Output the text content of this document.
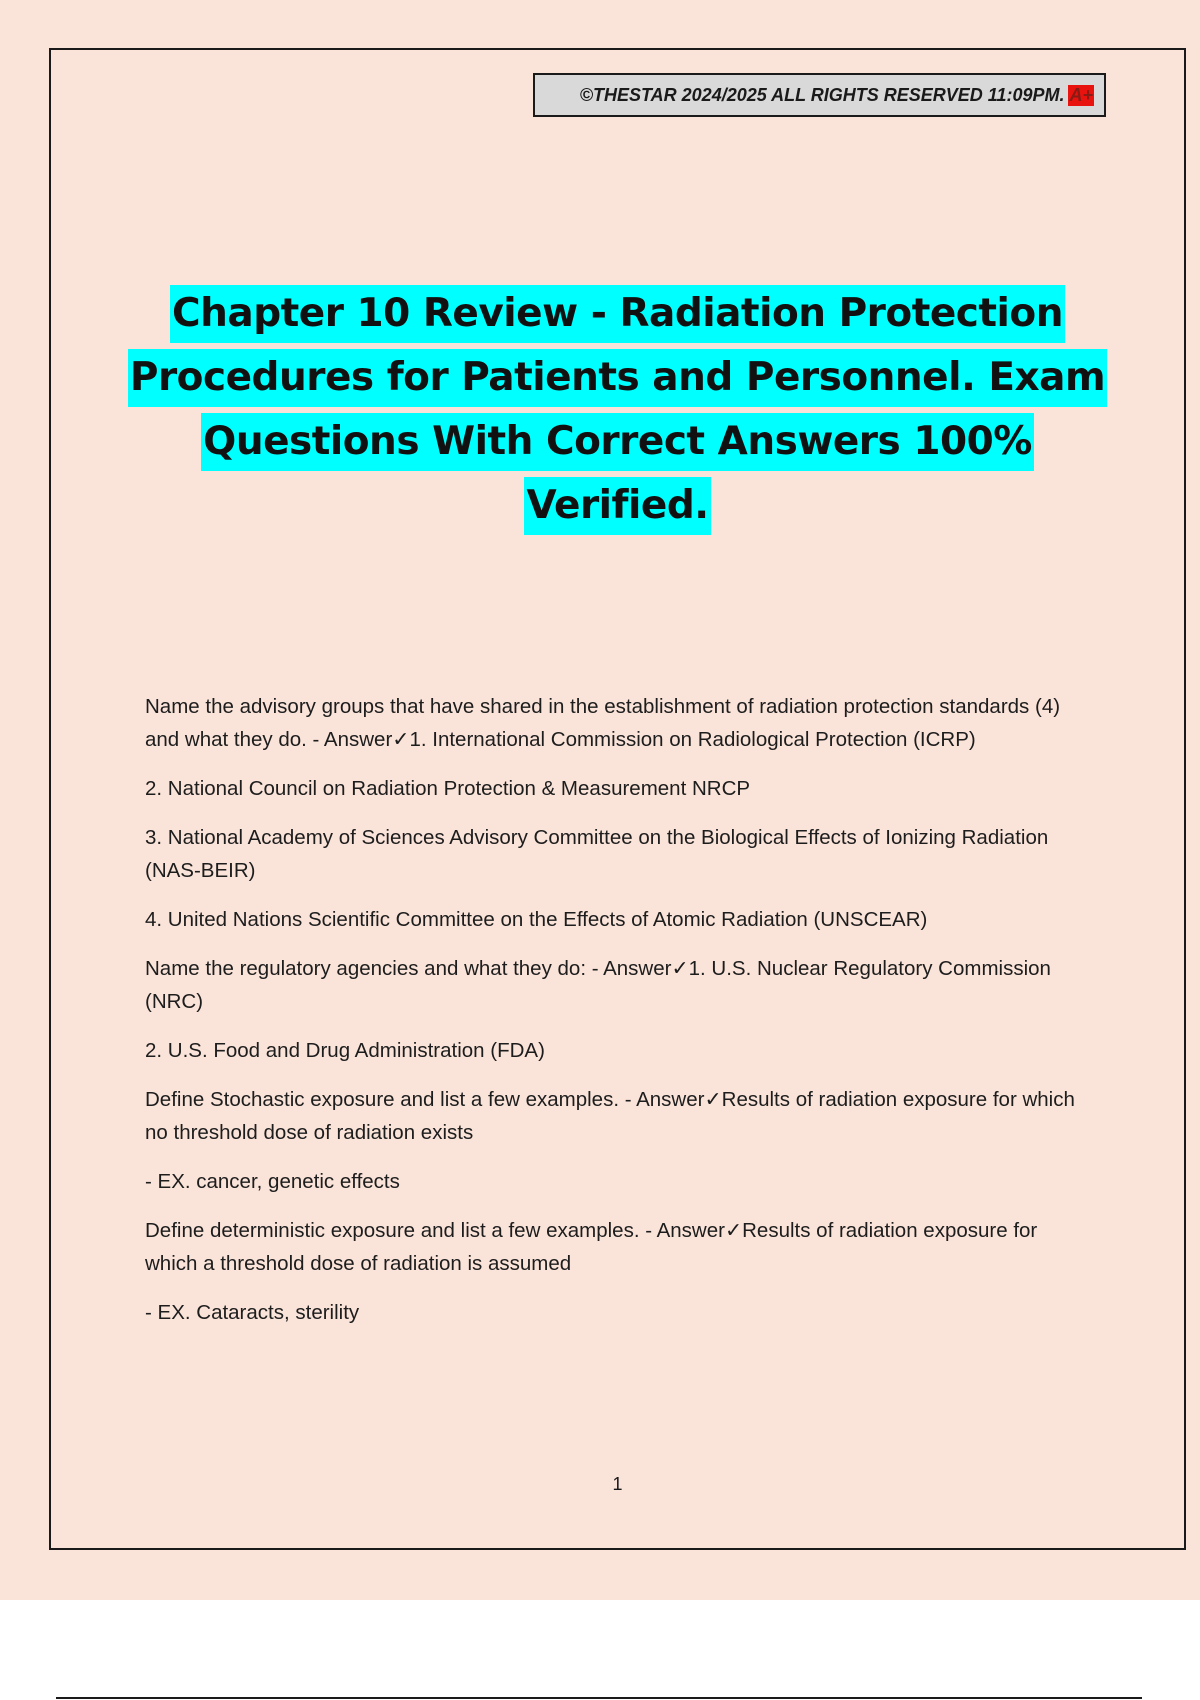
©THESTAR 2024/2025 ALL RIGHTS RESERVED 11:09PM. A+
Chapter 10 Review - Radiation Protection
Procedures for Patients and Personnel. Exam
Questions With Correct Answers 100%
Verified.

Name the advisory groups that have shared in the establishment of radiation protection standards (4) and what they do. - Answer✓1. International Commission on Radiological Protection (ICRP)

2. National Council on Radiation Protection & Measurement NRCP

3. National Academy of Sciences Advisory Committee on the Biological Effects of Ionizing Radiation (NAS-BEIR)

4. United Nations Scientific Committee on the Effects of Atomic Radiation (UNSCEAR)

Name the regulatory agencies and what they do: - Answer✓1. U.S. Nuclear Regulatory Commission (NRC)

2. U.S. Food and Drug Administration (FDA)

Define Stochastic exposure and list a few examples. - Answer✓Results of radiation exposure for which no threshold dose of radiation exists

- EX. cancer, genetic effects

Define deterministic exposure and list a few examples. - Answer✓Results of radiation exposure for which a threshold dose of radiation is assumed

- EX. Cataracts, sterility

1
